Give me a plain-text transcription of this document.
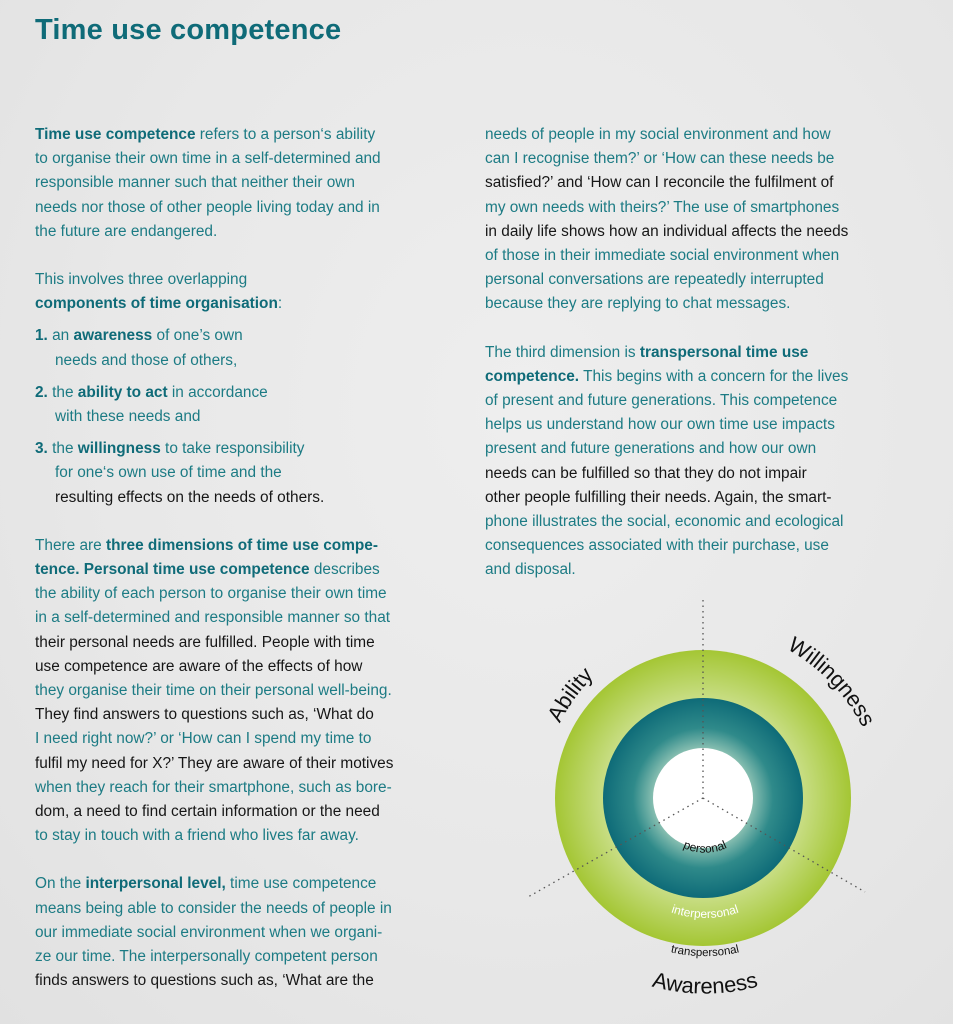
Time use competence
Time use competence refers to a person‘s ability
to organise their own time in a self-determined and
responsible manner such that neither their own
needs nor those of other people living today and in
the future are endangered.
This involves three overlapping
components of time organisation:
1. an awareness of one’s own
needs and those of others,
2. the ability to act in accordance
with these needs and
3. the willingness to take responsibility
for one‘s own use of time and the
resulting effects on the needs of others.
There are three dimensions of time use compe-
tence. Personal time use competence describes
the ability of each person to organise their own time
in a self-determined and responsible manner so that
their personal needs are fulfilled. People with time
use competence are aware of the effects of how
they organise their time on their personal well-being.
They find answers to questions such as, ‘What do
I need right now?’ or ‘How can I spend my time to
fulfil my need for X?’ They are aware of their motives
when they reach for their smartphone, such as bore-
dom, a need to find certain information or the need
to stay in touch with a friend who lives far away.
On the interpersonal level, time use competence
means being able to consider the needs of people in
our immediate social environment when we organi-
ze our time. The interpersonally competent person
finds answers to questions such as, ‘What are the
needs of people in my social environment and how
can I recognise them?’ or ‘How can these needs be
satisfied?’ and ‘How can I reconcile the fulfilment of
my own needs with theirs?’ The use of smartphones
in daily life shows how an individual affects the needs
of those in their immediate social environment when
personal conversations are repeatedly interrupted
because they are replying to chat messages.
The third dimension is transpersonal time use
competence. This begins with a concern for the lives
of present and future generations. This competence
helps us understand how our own time use impacts
present and future generations and how our own
needs can be fulfilled so that they do not impair
other people fulfilling their needs. Again, the smart-
phone illustrates the social, economic and ecological
consequences associated with their purchase, use
and disposal.
personal
interpersonal
transpersonal
Ability
Willingness
Awareness
